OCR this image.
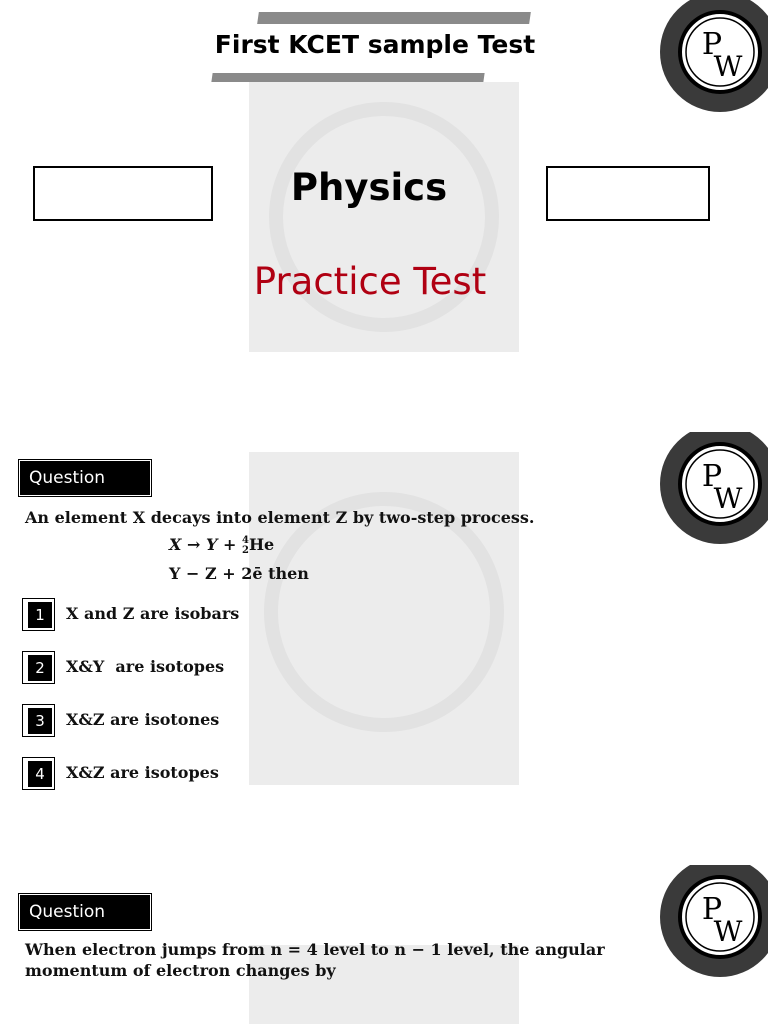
First KCET sample Test	P
W
Physics
Practice Test
P
W
Question
An element X decays into element Z by two-step process.
X → Y + 4
2 He
Y − Z + 2ē then
1	X and Z are isobars
2	X&Y  are isotopes
3	X&Z are isotones
4	X&Z are isotopes
P
W
Question
When electron jumps from n = 4 level to n − 1 level, the angular
momentum of electron changes by
